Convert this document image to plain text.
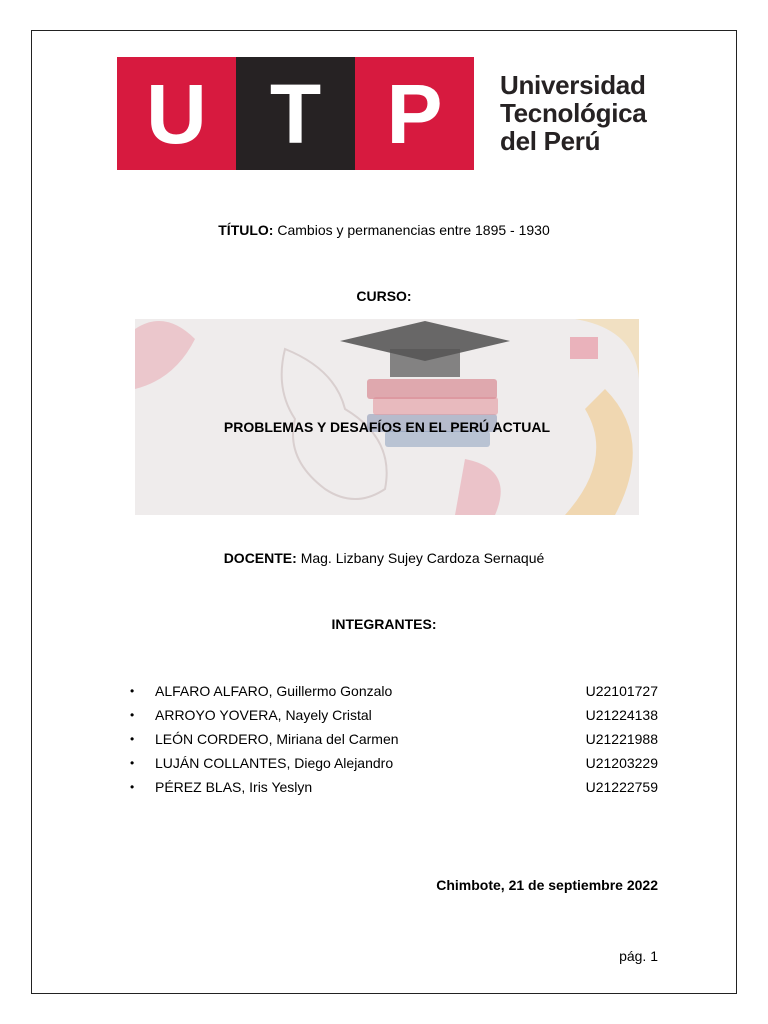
U T P	Universidad
Tecnológica
del Perú
TÍTULO: Cambios y permanencias entre 1895 - 1930
CURSO:
PROBLEMAS Y DESAFÍOS EN EL PERÚ ACTUAL
DOCENTE: Mag. Lizbany Sujey Cardoza Sernaqué
INTEGRANTES:
• ALFARO ALFARO, Guillermo Gonzalo	U22101727
• ARROYO YOVERA, Nayely Cristal	U21224138
• LEÓN CORDERO, Miriana del Carmen	U21221988
• LUJÁN COLLANTES, Diego Alejandro	U21203229
• PÉREZ BLAS, Iris Yeslyn	U21222759
Chimbote, 21 de septiembre 2022
pág. 1
